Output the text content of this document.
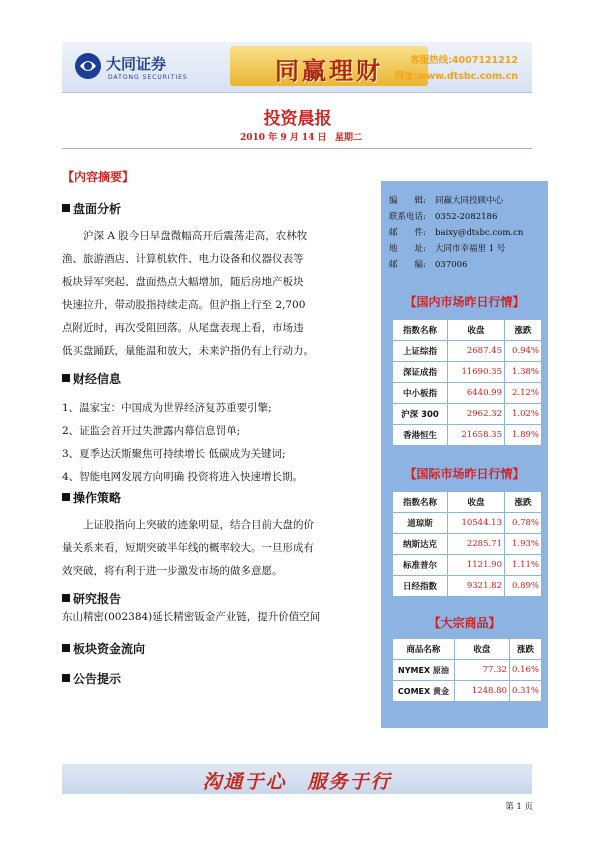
大同证券
DATONG SECURITIES	同赢理财	客服热线:4007121212
网址:www.dtsbc.com.cn
投资晨报
2010 年 9 月 14 日 星期二
【内容摘要】
盘面分析

沪深 A 股今日早盘微幅高开后震荡走高，农林牧
渔、旅游酒店、计算机软件、电力设备和仪器仪表等
板块异军突起、盘面热点大幅增加，随后房地产板块
快速拉升，带动股指持续走高。但沪指上行至 2,700
点附近时，再次受阻回落。从尾盘表现上看，市场违
低买盘踊跃，量能温和放大，未来沪指仍有上行动力。

财经信息
1、温家宝：中国成为世界经济复苏重要引擎;
2、证监会首开过失泄露内幕信息罚单;
3、夏季达沃斯聚焦可持续增长 低碳成为关键词;
4、智能电网发展方向明确 投资将进入快速增长期。
操作策略

上证股指向上突破的迹象明显，结合目前大盘的价
量关系来看，短期突破半年线的概率较大。一旦形成有
效突破，将有利于进一步激发市场的做多意愿。

研究报告
东山精密(002384)延长精密钣金产业链，提升价值空间
板块资金流向
公告提示
编　　辑: 同赢大同投顾中心
联系电话: 0352-2082186
邮　　件: baixy@dtsbc.com.cn
地　　址: 大同市幸福里 1 号
邮　　编: 037006
【国内市场昨日行情】
指数名称	收盘	涨跌
上证综指	2687.45	0.94%
深证成指	11690.35	1.38%
中小板指	6440.99	2.12%
沪深 300	2962.32	1.02%
香港恒生	21658.35	1.89%
【国际市场昨日行情】
指数名称	收盘	涨跌
道琼斯	10544.13	0.78%
纳斯达克	2285.71	1.93%
标准普尔	1121.90	1.11%
日经指数	9321.82	0.89%
【大宗商品】
商品名称	收盘	涨跌
NYMEX 原油	77.32	0.16%
COMEX 黄金	1248.80	0.31%
沟通于心　服务于行
第 1 页
